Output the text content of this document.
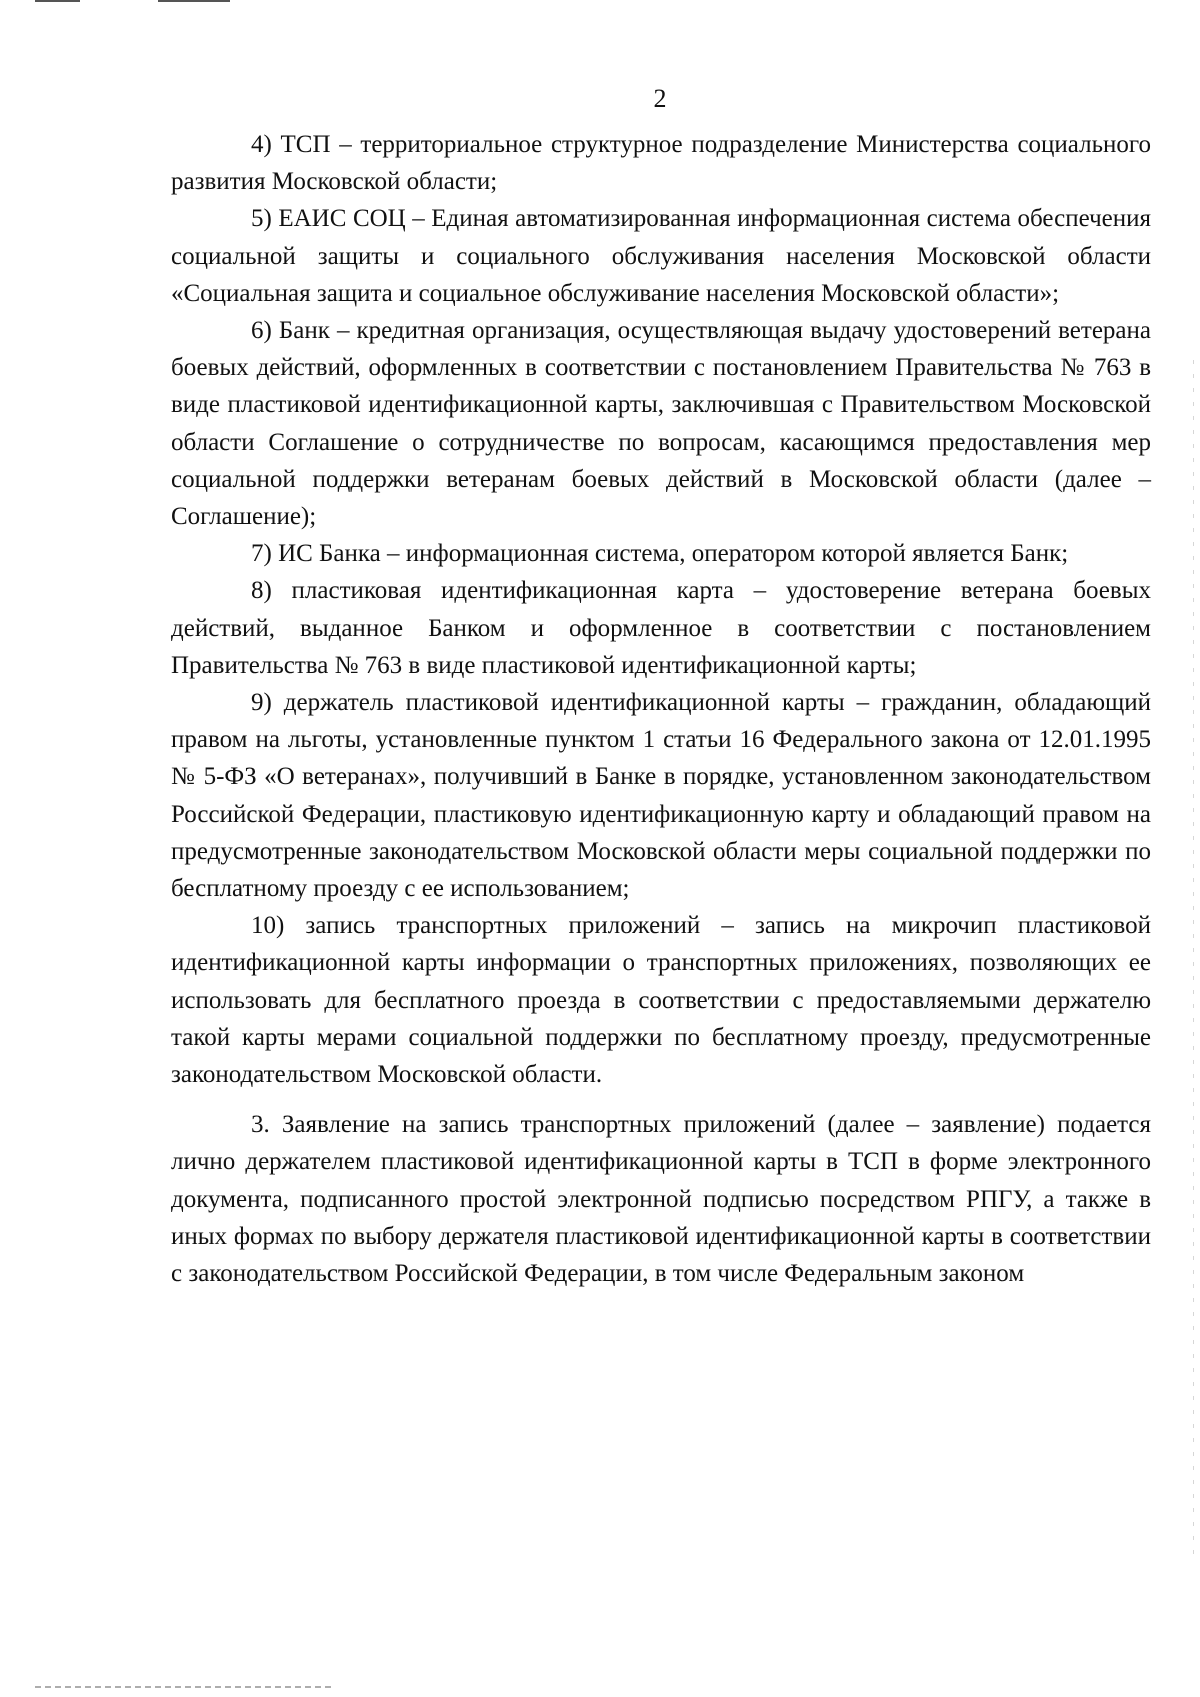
2

4) ТСП – территориальное структурное подразделение Министерства социального развития Московской области;

5) ЕАИС СОЦ – Единая автоматизированная информационная система обеспечения социальной защиты и социального обслуживания населения Московской области «Социальная защита и социальное обслуживание населения Московской области»;

6) Банк – кредитная организация, осуществляющая выдачу удостоверений ветерана боевых действий, оформленных в соответствии с постановлением Правительства № 763 в виде пластиковой идентификационной карты, заключившая с Правительством Московской области Соглашение о сотрудничестве по вопросам, касающимся предоставления мер социальной поддержки ветеранам боевых действий в Московской области (далее – Соглашение);

7) ИС Банка – информационная система, оператором которой является Банк;

8) пластиковая идентификационная карта – удостоверение ветерана боевых действий, выданное Банком и оформленное в соответствии с постановлением Правительства № 763 в виде пластиковой идентификационной карты;

9) держатель пластиковой идентификационной карты – гражданин, обладающий правом на льготы, установленные пунктом 1 статьи 16 Федерального закона от 12.01.1995 № 5-ФЗ «О ветеранах», получивший в Банке в порядке, установленном законодательством Российской Федерации, пластиковую идентификационную карту и обладающий правом на предусмотренные законодательством Московской области меры социальной поддержки по бесплатному проезду с ее использованием;

10) запись транспортных приложений – запись на микрочип пластиковой идентификационной карты информации о транспортных приложениях, позволяющих ее использовать для бесплатного проезда в соответствии с предоставляемыми держателю такой карты мерами социальной поддержки по бесплатному проезду, предусмотренные законодательством Московской области.

3. Заявление на запись транспортных приложений (далее – заявление) подается лично держателем пластиковой идентификационной карты в ТСП в форме электронного документа, подписанного простой электронной подписью посредством РПГУ, а также в иных формах по выбору держателя пластиковой идентификационной карты в соответствии с законодательством Российской Федерации, в том числе Федеральным законом
